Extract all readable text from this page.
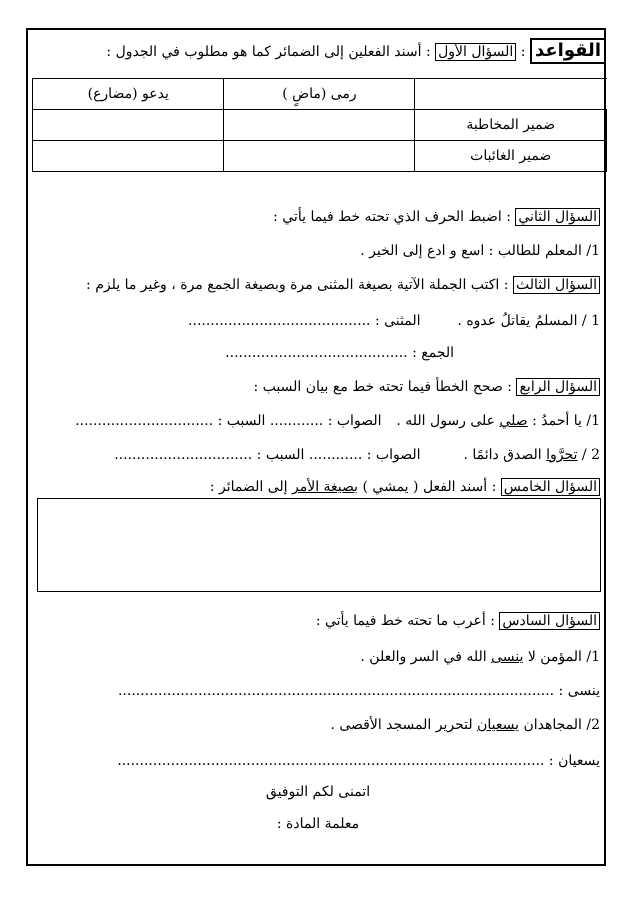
القواعد : السؤال الأول : أسند الفعلين إلى الضمائر كما هو مطلوب في الجدول :
	رمى (ماضٍ )	يدعو (مضارع)
ضمير المخاطبة		
ضمير الغائبات		
السؤال الثاني : اضبط الحرف الذي تحته خط فيما يأتي :
1/ المعلم للطالب : اسع و ادع إلى الخير .
السؤال الثالث : اكتب الجملة الآتية بصيغة المثنى مرة وبصيغة الجمع مرة ، وغير ما يلزم :
1 / المسلمُ يقاتلُ عدوه .  المثنى : .........................................
الجمع : .........................................
السؤال الرابع : صحح الخطأ فيما تحته خط مع بيان السبب :
1/ يا أحمدُ : صلي على رسول الله .  الصواب : ............ السبب : ...............................
2 / تحرَّوا الصدق دائمًا .  الصواب : ............ السبب : ...............................
السؤال الخامس : أسند الفعل ( يمشي ) بصيغة الأمر إلى الضمائر :
السؤال السادس : أعرب ما تحته خط فيما يأتي :
1/ المؤمن لا ينسى الله في السر والعلن .
ينسى : ..................................................................................................
2/ المجاهدان يسعيان لتحرير المسجد الأقصى .
يسعيان : ................................................................................................
اتمنى لكم التوفيق
معلمة المادة :
